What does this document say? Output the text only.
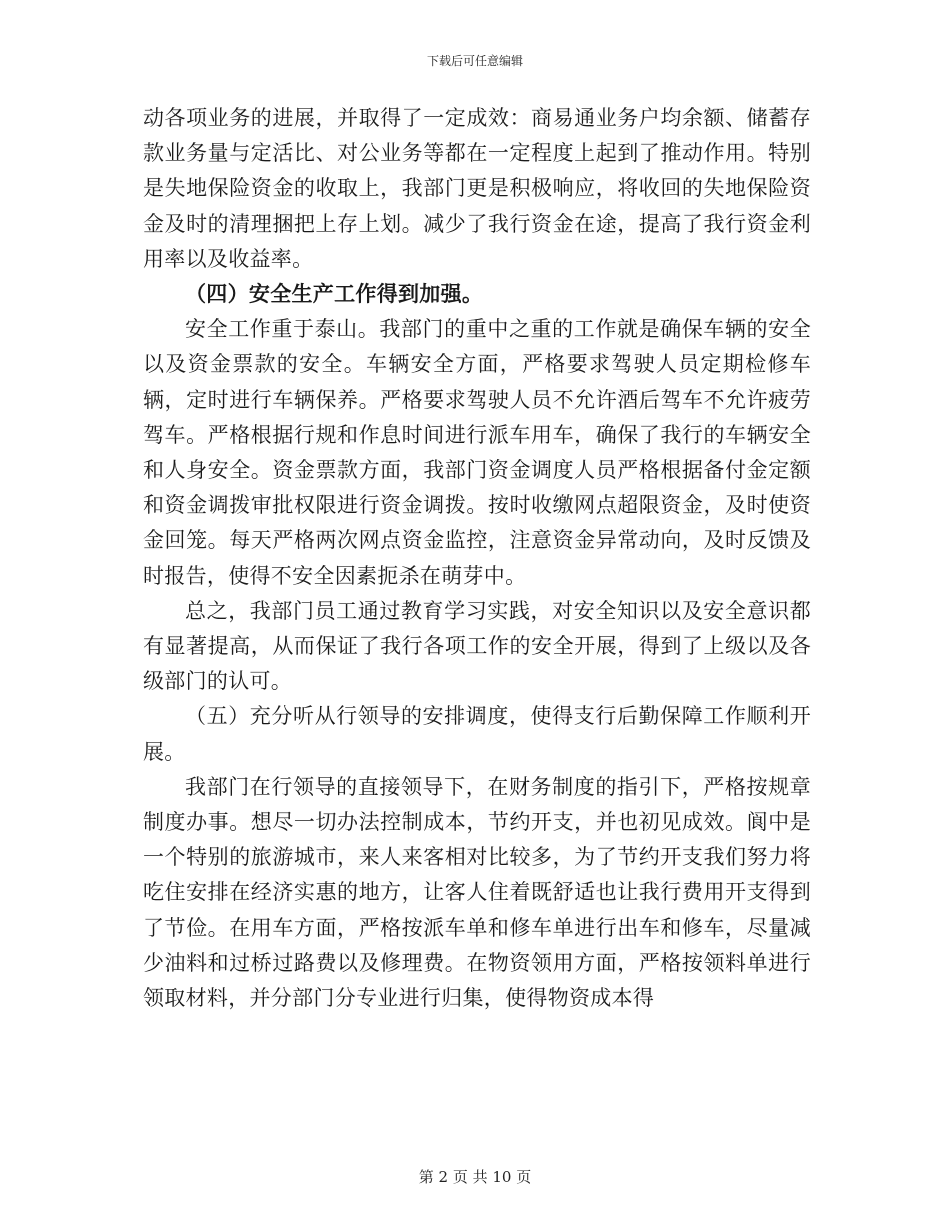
下载后可任意编辑

动各项业务的进展，并取得了一定成效：商易通业务户均余额、储蓄存款业务量与定活比、对公业务等都在一定程度上起到了推动作用。特别是失地保险资金的收取上，我部门更是积极响应，将收回的失地保险资金及时的清理捆把上存上划。减少了我行资金在途，提高了我行资金利用率以及收益率。

（四）安全生产工作得到加强。

安全工作重于泰山。我部门的重中之重的工作就是确保车辆的安全以及资金票款的安全。车辆安全方面，严格要求驾驶人员定期检修车辆，定时进行车辆保养。严格要求驾驶人员不允许酒后驾车不允许疲劳驾车。严格根据行规和作息时间进行派车用车，确保了我行的车辆安全和人身安全。资金票款方面，我部门资金调度人员严格根据备付金定额和资金调拨审批权限进行资金调拨。按时收缴网点超限资金，及时使资金回笼。每天严格两次网点资金监控，注意资金异常动向，及时反馈及时报告，使得不安全因素扼杀在萌芽中。

总之，我部门员工通过教育学习实践，对安全知识以及安全意识都有显著提高，从而保证了我行各项工作的安全开展，得到了上级以及各级部门的认可。

（五）充分听从行领导的安排调度，使得支行后勤保障工作顺利开展。

我部门在行领导的直接领导下，在财务制度的指引下，严格按规章制度办事。想尽一切办法控制成本，节约开支，并也初见成效。阆中是一个特别的旅游城市，来人来客相对比较多，为了节约开支我们努力将吃住安排在经济实惠的地方，让客人住着既舒适也让我行费用开支得到了节俭。在用车方面，严格按派车单和修车单进行出车和修车，尽量减少油料和过桥过路费以及修理费。在物资领用方面，严格按领料单进行领取材料，并分部门分专业进行归集，使得物资成本得

第 2 页 共 10 页
